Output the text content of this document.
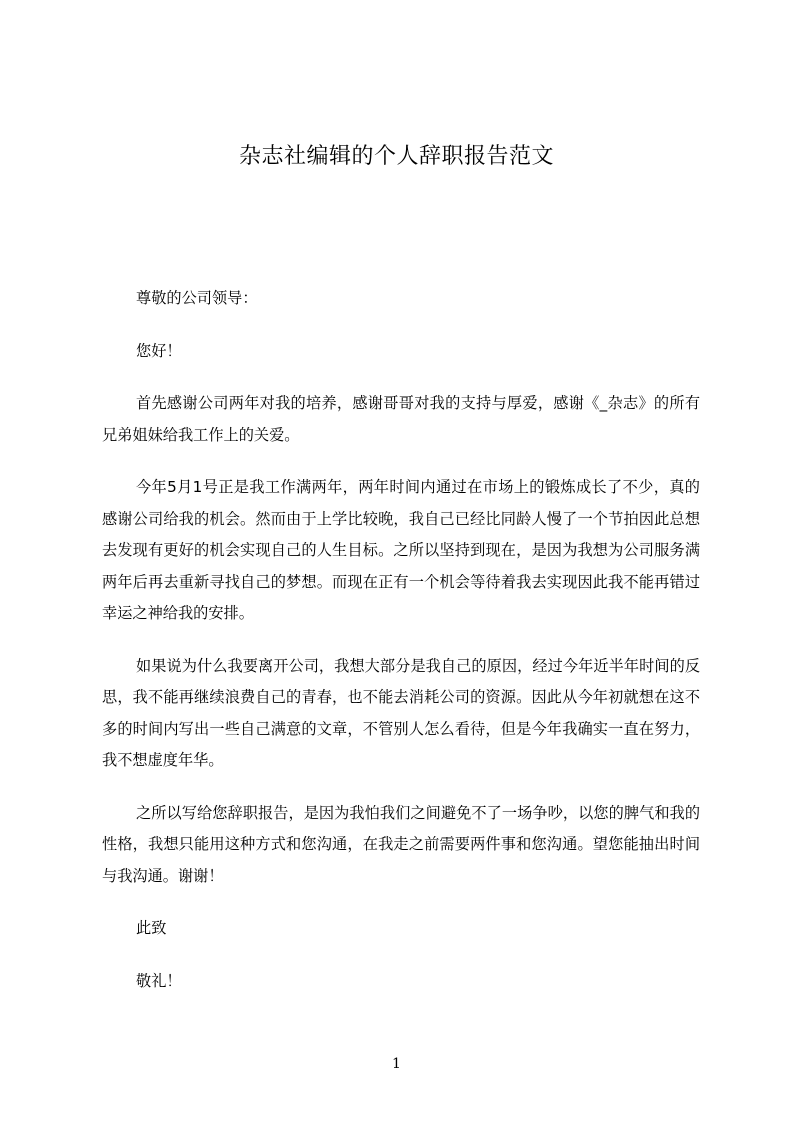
杂志社编辑的个人辞职报告范文

尊敬的公司领导：

您好！

首先感谢公司两年对我的培养，感谢哥哥对我的支持与厚爱，感谢《_杂志》的所有兄弟姐妹给我工作上的关爱。

今年5月1号正是我工作满两年，两年时间内通过在市场上的锻炼成长了不少，真的感谢公司给我的机会。然而由于上学比较晚，我自己已经比同龄人慢了一个节拍因此总想去发现有更好的机会实现自己的人生目标。之所以坚持到现在，是因为我想为公司服务满两年后再去重新寻找自己的梦想。而现在正有一个机会等待着我去实现因此我不能再错过幸运之神给我的安排。

如果说为什么我要离开公司，我想大部分是我自己的原因，经过今年近半年时间的反思，我不能再继续浪费自己的青春，也不能去消耗公司的资源。因此从今年初就想在这不多的时间内写出一些自己满意的文章，不管别人怎么看待，但是今年我确实一直在努力，我不想虚度年华。

之所以写给您辞职报告，是因为我怕我们之间避免不了一场争吵，以您的脾气和我的性格，我想只能用这种方式和您沟通，在我走之前需要两件事和您沟通。望您能抽出时间与我沟通。谢谢！

此致

敬礼！

1
